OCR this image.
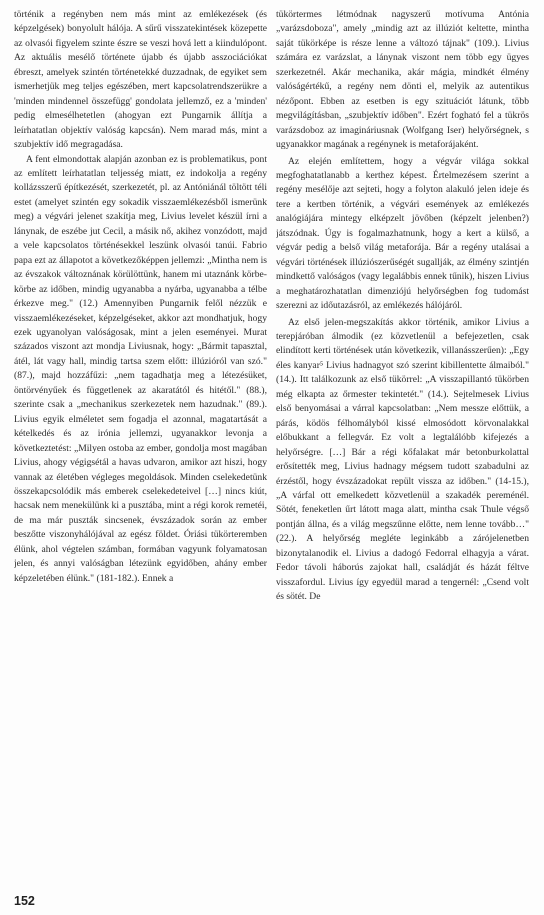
történik a regényben nem más mint az emlékezések (és képzelgések) bonyolult hálója. A sűrű visszatekintések közepette az olvasói figyelem szinte észre se veszi hová lett a kiindulópont. Az aktuális mesélő története újabb és újabb asszociációkat ébreszt, amelyek szintén történetekké duzzadnak, de egyiket sem ismerhetjük meg teljes egészében, mert kapcsolatrendszerükre a 'minden mindennel összefügg' gondolata jellemző, ez a 'minden' pedig elmesélhetetlen (ahogyan ezt Pungarnik állítja a leírhatatlan objektív valóság kapcsán). Nem marad más, mint a szubjektív idő megragadása.

A fent elmondottak alapján azonban ez is problematikus, pont az említett leírhatatlan teljesség miatt, ez indokolja a regény kollázsszerű építkezését, szerkezetét, pl. az Antóniánál töltött téli estet (amelyet szintén egy sokadik visszaemlékezésből ismerünk meg) a végvári jelenet szakítja meg, Livius levelet készül írni a lánynak, de eszébe jut Cecil, a másik nő, akihez vonzódott, majd a vele kapcsolatos történésekkel leszünk olvasói tanúi. Fabrio papa ezt az állapotot a következőképpen jellemzi: „Mintha nem is az évszakok változnának körülöttünk, hanem mi utaznánk körbe-körbe az időben, mindig ugyanabba a nyárba, ugyanabba a télbe érkezve meg." (12.) Amennyiben Pungarnik felől nézzük e visszaemlékezéseket, képzelgéseket, akkor azt mondhatjuk, hogy ezek ugyanolyan valóságosak, mint a jelen eseményei. Murat százados viszont azt mondja Liviusnak, hogy: „Bármit tapasztal, átél, lát vagy hall, mindig tartsa szem előtt: illúzióról van szó." (87.), majd hozzáfűzi: „nem tagadhatja meg a létezésüket, öntörvényűek és függetlenek az akaratától és hitétől." (88.), szerinte csak a „mechanikus szerkezetek nem hazudnak." (89.). Livius egyik elméletet sem fogadja el azonnal, magatartását a kételkedés és az irónia jellemzi, ugyanakkor levonja a következtetést: „Milyen ostoba az ember, gondolja most magában Livius, ahogy végigsétál a havas udvaron, amikor azt hiszi, hogy vannak az életében végleges megoldások. Minden cselekedetünk összekapcsolódik más emberek cselekedeteivel […] nincs kiút, hacsak nem menekülünk ki a pusztába, mint a régi korok remetéi, de ma már puszták sincsenek, évszázadok során az ember beszőtte viszonyhálójával az egész földet. Óriási tükörteremben élünk, ahol végtelen számban, formában vagyunk folyamatosan jelen, és annyi valóságban létezünk egyidőben, ahány ember képzeletében élünk." (181-182.). Ennek a

tükörtermes létmódnak nagyszerű motívuma Antónia „varázsdoboza", amely „mindig azt az illúziót keltette, mintha saját tükörképe is része lenne a változó tájnak" (109.). Livius számára ez varázslat, a lánynak viszont nem több egy ügyes szerkezetnél. Akár mechanika, akár mágia, mindkét élmény valóságértékű, a regény nem dönti el, melyik az autentikus nézőpont. Ebben az esetben is egy szituációt látunk, több megvilágításban, „szubjektív időben". Ezért fogható fel a tükrös varázsdoboz az imagináriusnak (Wolfgang Iser) helyőrségnek, s ugyanakkor magának a regénynek is metaforájaként.

Az elején említettem, hogy a végvár világa sokkal megfoghatatlanabb a kerthez képest. Értelmezésem szerint a regény mesélője azt sejteti, hogy a folyton alakuló jelen ideje és tere a kertben történik, a végvári események az emlékezés analógiájára mintegy elképzelt jövőben (képzelt jelenben?) játszódnak. Úgy is fogalmazhatnunk, hogy a kert a külső, a végvár pedig a belső világ metaforája. Bár a regény utalásai a végvári történések illúziószerűségét sugallják, az élmény szintjén mindkettő valóságos (vagy legalábbis ennek tűnik), hiszen Livius a meghatározhatatlan dimenziójú helyőrségben fog tudomást szerezni az időutazásról, az emlékezés hálójáról.

Az első jelen-megszakítás akkor történik, amikor Livius a terepjáróban álmodik (ez közvetlenül a befejezetlen, csak elindított kerti történések után következik, villanásszerűen): „Egy éles kanyar⁵ Livius hadnagyot szó szerint kibillentette álmaiból." (14.). Itt találkozunk az első tükörrel: „A visszapillantó tükörben még elkapta az őrmester tekintetét." (14.). Sejtelmesek Livius első benyomásai a várral kapcsolatban: „Nem messze előttük, a párás, ködös félhomályból kissé elmosódott körvonalakkal előbukkant a fellegvár. Ez volt a legtalálóbb kifejezés a helyőrségre. […] Bár a régi kőfalakat már betonburkolattal erősítették meg, Livius hadnagy mégsem tudott szabadulni az érzéstől, hogy évszázadokat repült vissza az időben." (14-15.), „A várfal ott emelkedett közvetlenül a szakadék pereménél. Sötét, feneketlen űrt látott maga alatt, mintha csak Thule végső pontján állna, és a világ megszűnne előtte, nem lenne tovább…" (22.). A helyőrség megléte leginkább a zárójelenetben bizonytalanodik el. Livius a dadogó Fedorral elhagyja a várat. Fedor távoli háborús zajokat hall, családját és házát féltve visszafordul. Livius így egyedül marad a tengernél: „Csend volt és sötét. De

152
